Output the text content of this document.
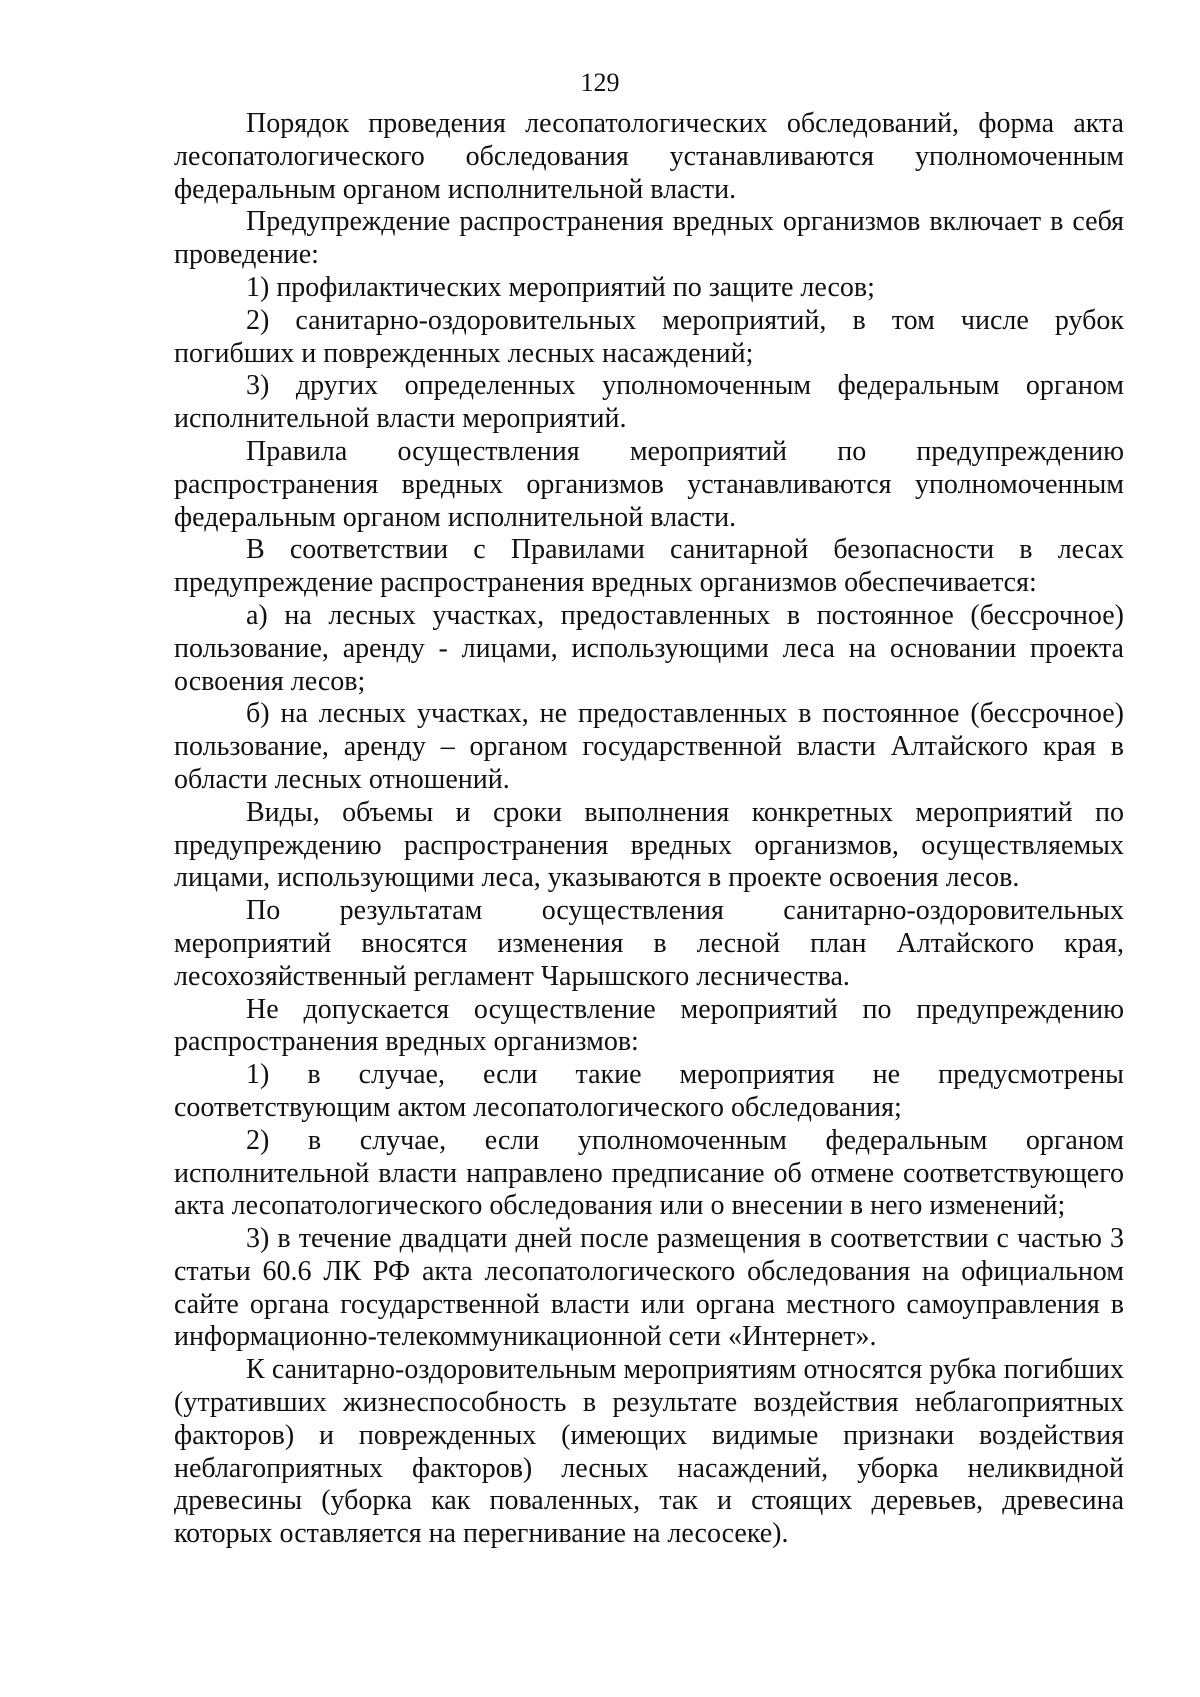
129

Порядок проведения лесопатологических обследований, форма акта лесопатологического обследования устанавливаются уполномоченным федеральным органом исполнительной власти.

Предупреждение распространения вредных организмов включает в себя проведение:

1) профилактических мероприятий по защите лесов;

2) санитарно-оздоровительных мероприятий, в том числе рубок погибших и поврежденных лесных насаждений;

3) других определенных уполномоченным федеральным органом исполнительной власти мероприятий.

Правила осуществления мероприятий по предупреждению распространения вредных организмов устанавливаются уполномоченным федеральным органом исполнительной власти.

В соответствии с Правилами санитарной безопасности в лесах предупреждение распространения вредных организмов обеспечивается:

а) на лесных участках, предоставленных в постоянное (бессрочное) пользование, аренду - лицами, использующими леса на основании проекта освоения лесов;

б) на лесных участках, не предоставленных в постоянное (бессрочное) пользование, аренду – органом государственной власти Алтайского края в области лесных отношений.

Виды, объемы и сроки выполнения конкретных мероприятий по предупреждению распространения вредных организмов, осуществляемых лицами, использующими леса, указываются в проекте освоения лесов.

По результатам осуществления санитарно-оздоровительных мероприятий вносятся изменения в лесной план Алтайского края, лесохозяйственный регламент Чарышского лесничества.

Не допускается осуществление мероприятий по предупреждению распространения вредных организмов:

1) в случае, если такие мероприятия не предусмотрены соответствующим актом лесопатологического обследования;

2) в случае, если уполномоченным федеральным органом исполнительной власти направлено предписание об отмене соответствующего акта лесопатологического обследования или о внесении в него изменений;

3) в течение двадцати дней после размещения в соответствии с частью 3 статьи 60.6 ЛК РФ акта лесопатологического обследования на официальном сайте органа государственной власти или органа местного самоуправления в информационно-телекоммуникационной сети «Интернет».

К санитарно-оздоровительным мероприятиям относятся рубка погибших (утративших жизнеспособность в результате воздействия неблагоприятных факторов) и поврежденных (имеющих видимые признаки воздействия неблагоприятных факторов) лесных насаждений, уборка неликвидной древесины (уборка как поваленных, так и стоящих деревьев, древесина которых оставляется на перегнивание на лесосеке).
